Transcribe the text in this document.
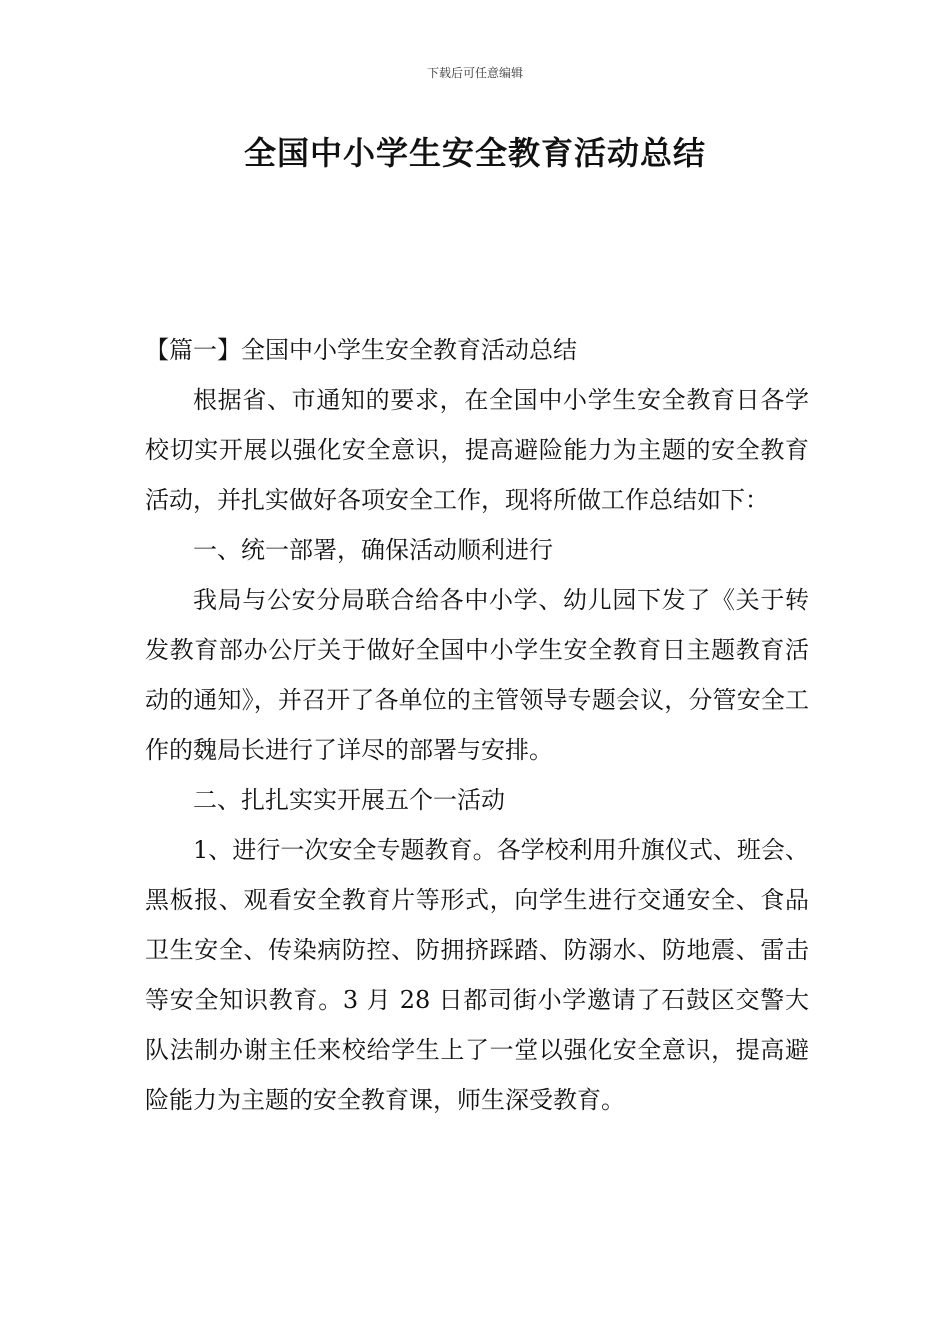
下载后可任意编辑
全国中小学生安全教育活动总结

【篇一】全国中小学生安全教育活动总结

根据省、市通知的要求，在全国中小学生安全教育日各学校切实开展以强化安全意识，提高避险能力为主题的安全教育活动，并扎实做好各项安全工作，现将所做工作总结如下：

一、统一部署，确保活动顺利进行

我局与公安分局联合给各中小学、幼儿园下发了《关于转发教育部办公厅关于做好全国中小学生安全教育日主题教育活动的通知》，并召开了各单位的主管领导专题会议，分管安全工作的魏局长进行了详尽的部署与安排。

二、扎扎实实开展五个一活动

1、进行一次安全专题教育。各学校利用升旗仪式、班会、黑板报、观看安全教育片等形式，向学生进行交通安全、食品卫生安全、传染病防控、防拥挤踩踏、防溺水、防地震、雷击等安全知识教育。3 月 28 日都司街小学邀请了石鼓区交警大队法制办谢主任来校给学生上了一堂以强化安全意识，提高避险能力为主题的安全教育课，师生深受教育。
